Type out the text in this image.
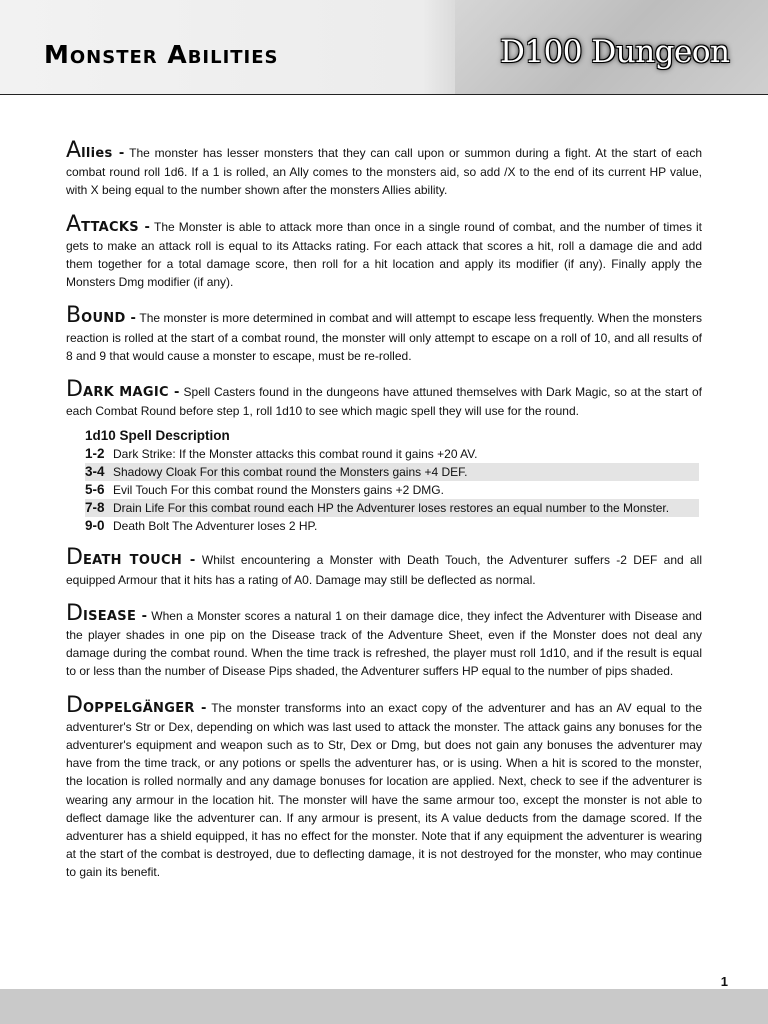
Monster Abilities	D100 Dungeon

Allies - The monster has lesser monsters that they can call upon or summon during a fight. At the start of each combat round roll 1d6. If a 1 is rolled, an Ally comes to the monsters aid, so add /X to the end of its current HP value, with X being equal to the number shown after the monsters Allies ability.

ATTACKS - The Monster is able to attack more than once in a single round of combat, and the number of times it gets to make an attack roll is equal to its Attacks rating. For each attack that scores a hit, roll a damage die and add them together for a total damage score, then roll for a hit location and apply its modifier (if any). Finally apply the Monsters Dmg modifier (if any).

BOUND - The monster is more determined in combat and will attempt to escape less frequently. When the monsters reaction is rolled at the start of a combat round, the monster will only attempt to escape on a roll of 10, and all results of 8 and 9 that would cause a monster to escape, must be re-rolled.

DARK MAGIC - Spell Casters found in the dungeons have attuned themselves with Dark Magic, so at the start of each Combat Round before step 1, roll 1d10 to see which magic spell they will use for the round.

1d10 Spell Description
1-2 Dark Strike: If the Monster attacks this combat round it gains +20 AV.
3-4 Shadowy Cloak For this combat round the Monsters gains +4 DEF.
5-6 Evil Touch For this combat round the Monsters gains +2 DMG.
7-8 Drain Life For this combat round each HP the Adventurer loses restores an equal number to the Monster.
9-0 Death Bolt The Adventurer loses 2 HP.

DEATH TOUCH - Whilst encountering a Monster with Death Touch, the Adventurer suffers -2 DEF and all equipped Armour that it hits has a rating of A0. Damage may still be deflected as normal.

DISEASE - When a Monster scores a natural 1 on their damage dice, they infect the Adventurer with Disease and the player shades in one pip on the Disease track of the Adventure Sheet, even if the Monster does not deal any damage during the combat round. When the time track is refreshed, the player must roll 1d10, and if the result is equal to or less than the number of Disease Pips shaded, the Adventurer suffers HP equal to the number of pips shaded.

DOPPELGÄNGER - The monster transforms into an exact copy of the adventurer and has an AV equal to the adventurer's Str or Dex, depending on which was last used to attack the monster. The attack gains any bonuses for the adventurer's equipment and weapon such as to Str, Dex or Dmg, but does not gain any bonuses the adventurer may have from the time track, or any potions or spells the adventurer has, or is using. When a hit is scored to the monster, the location is rolled normally and any damage bonuses for location are applied. Next, check to see if the adventurer is wearing any armour in the location hit. The monster will have the same armour too, except the monster is not able to deflect damage like the adventurer can. If any armour is present, its A value deducts from the damage scored. If the adventurer has a shield equipped, it has no effect for the monster. Note that if any equipment the adventurer is wearing at the start of the combat is destroyed, due to deflecting damage, it is not destroyed for the monster, who may continue to gain its benefit.

1
